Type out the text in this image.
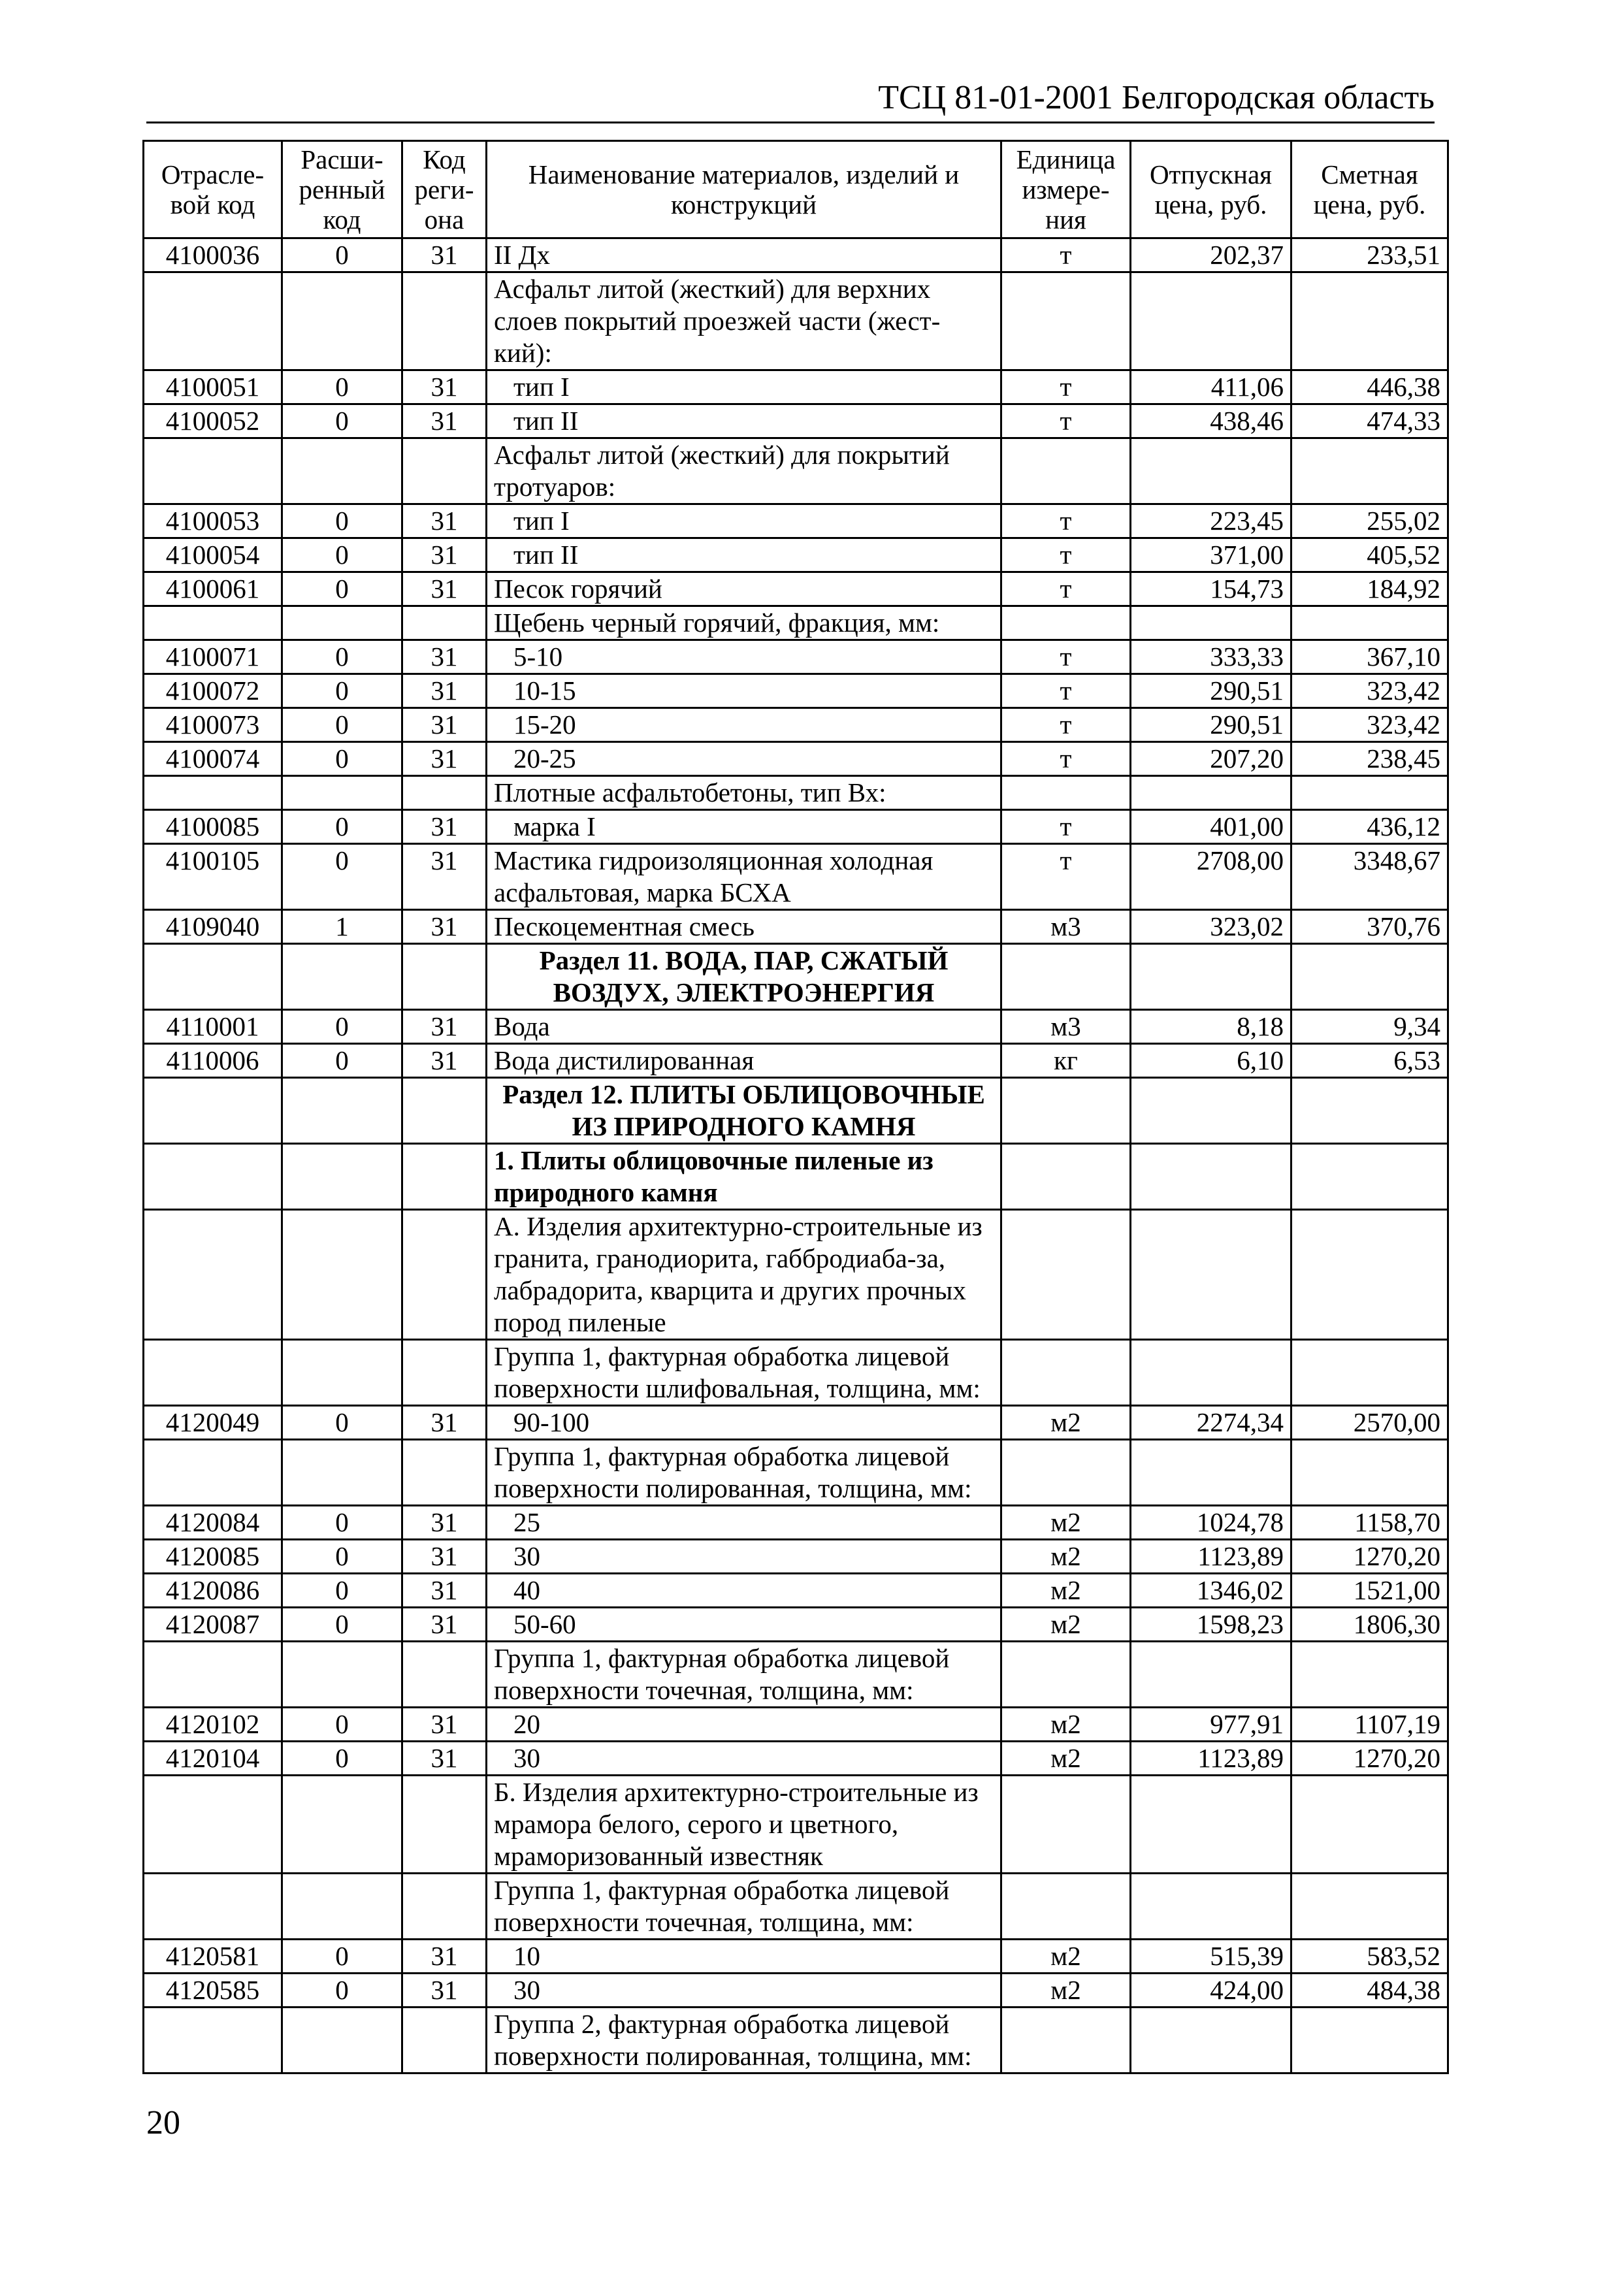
ТСЦ 81-01-2001 Белгородская область
Отрасле-вой код	Расши-ренный код	Код реги-она	Наименование материалов, изделий и конструкций	Единица измере-ния	Отпускная цена, руб.	Сметная цена, руб.
4100036	0	31	II Дх	т	202,37	233,51
			Асфальт литой (жесткий) для верхних слоев покрытий проезжей части (жест-кий):			
4100051	0	31	тип I	т	411,06	446,38
4100052	0	31	тип II	т	438,46	474,33
			Асфальт литой (жесткий) для покрытий тротуаров:			
4100053	0	31	тип I	т	223,45	255,02
4100054	0	31	тип II	т	371,00	405,52
4100061	0	31	Песок горячий	т	154,73	184,92
			Щебень черный горячий, фракция, мм:			
4100071	0	31	5-10	т	333,33	367,10
4100072	0	31	10-15	т	290,51	323,42
4100073	0	31	15-20	т	290,51	323,42
4100074	0	31	20-25	т	207,20	238,45
			Плотные асфальтобетоны, тип Вх:			
4100085	0	31	марка I	т	401,00	436,12
4100105	0	31	Мастика гидроизоляционная холодная асфальтовая, марка БСХА	т	2708,00	3348,67
4109040	1	31	Пескоцементная смесь	м3	323,02	370,76
			Раздел 11. ВОДА, ПАР, СЖАТЫЙ ВОЗДУХ, ЭЛЕКТРОЭНЕРГИЯ			
4110001	0	31	Вода	м3	8,18	9,34
4110006	0	31	Вода дистилированная	кг	6,10	6,53
			Раздел 12. ПЛИТЫ ОБЛИЦОВОЧНЫЕ ИЗ ПРИРОДНОГО КАМНЯ			
			1. Плиты облицовочные пиленые из природного камня			
			А. Изделия архитектурно-строительные из гранита, гранодиорита, габбродиаба-за, лабрадорита, кварцита и других прочных пород пиленые			
			Группа 1, фактурная обработка лицевой поверхности шлифовальная, толщина, мм:			
4120049	0	31	90-100	м2	2274,34	2570,00
			Группа 1, фактурная обработка лицевой поверхности полированная, толщина, мм:			
4120084	0	31	25	м2	1024,78	1158,70
4120085	0	31	30	м2	1123,89	1270,20
4120086	0	31	40	м2	1346,02	1521,00
4120087	0	31	50-60	м2	1598,23	1806,30
			Группа 1, фактурная обработка лицевой поверхности точечная, толщина, мм:			
4120102	0	31	20	м2	977,91	1107,19
4120104	0	31	30	м2	1123,89	1270,20
			Б. Изделия архитектурно-строительные из мрамора белого, серого и цветного, мраморизованный известняк			
			Группа 1, фактурная обработка лицевой поверхности точечная, толщина, мм:			
4120581	0	31	10	м2	515,39	583,52
4120585	0	31	30	м2	424,00	484,38
			Группа 2, фактурная обработка лицевой поверхности полированная, толщина, мм:			
20
